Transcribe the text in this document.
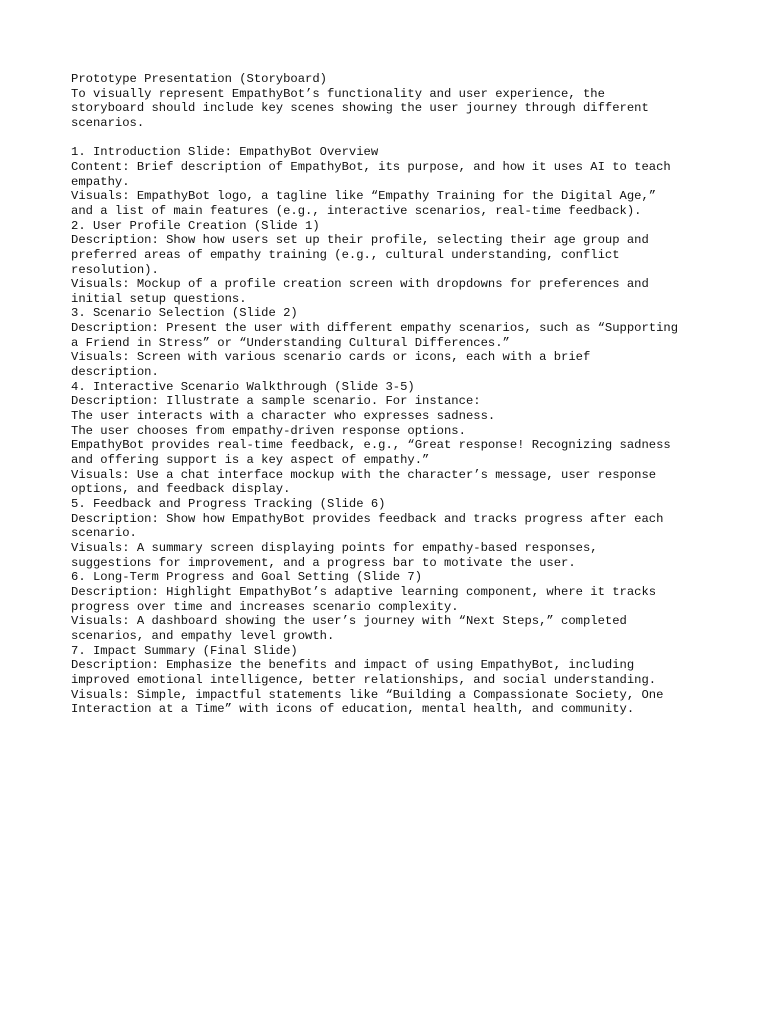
Prototype Presentation (Storyboard)
To visually represent EmpathyBot’s functionality and user experience, the
storyboard should include key scenes showing the user journey through different
scenarios.
1. Introduction Slide: EmpathyBot Overview
Content: Brief description of EmpathyBot, its purpose, and how it uses AI to teach
empathy.
Visuals: EmpathyBot logo, a tagline like “Empathy Training for the Digital Age,”
and a list of main features (e.g., interactive scenarios, real-time feedback).
2. User Profile Creation (Slide 1)
Description: Show how users set up their profile, selecting their age group and
preferred areas of empathy training (e.g., cultural understanding, conflict
resolution).
Visuals: Mockup of a profile creation screen with dropdowns for preferences and
initial setup questions.
3. Scenario Selection (Slide 2)
Description: Present the user with different empathy scenarios, such as “Supporting
a Friend in Stress” or “Understanding Cultural Differences.”
Visuals: Screen with various scenario cards or icons, each with a brief
description.
4. Interactive Scenario Walkthrough (Slide 3-5)
Description: Illustrate a sample scenario. For instance:
The user interacts with a character who expresses sadness.
The user chooses from empathy-driven response options.
EmpathyBot provides real-time feedback, e.g., “Great response! Recognizing sadness
and offering support is a key aspect of empathy.”
Visuals: Use a chat interface mockup with the character’s message, user response
options, and feedback display.
5. Feedback and Progress Tracking (Slide 6)
Description: Show how EmpathyBot provides feedback and tracks progress after each
scenario.
Visuals: A summary screen displaying points for empathy-based responses,
suggestions for improvement, and a progress bar to motivate the user.
6. Long-Term Progress and Goal Setting (Slide 7)
Description: Highlight EmpathyBot’s adaptive learning component, where it tracks
progress over time and increases scenario complexity.
Visuals: A dashboard showing the user’s journey with “Next Steps,” completed
scenarios, and empathy level growth.
7. Impact Summary (Final Slide)
Description: Emphasize the benefits and impact of using EmpathyBot, including
improved emotional intelligence, better relationships, and social understanding.
Visuals: Simple, impactful statements like “Building a Compassionate Society, One
Interaction at a Time” with icons of education, mental health, and community.
